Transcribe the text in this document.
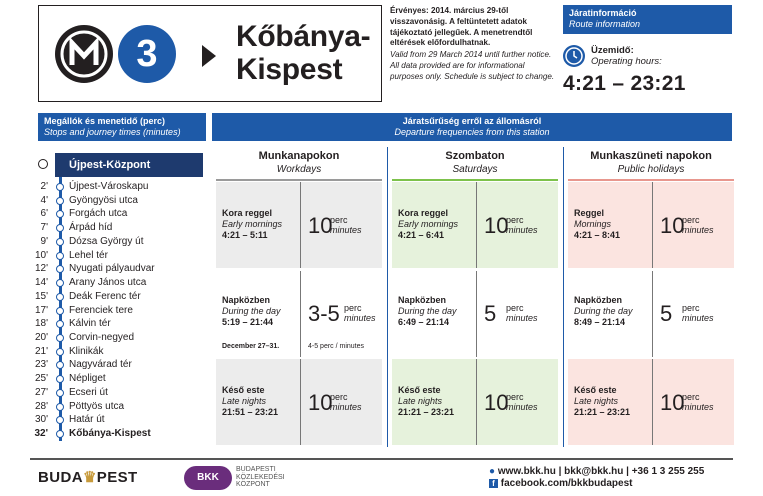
3	Kőbánya-
Kispest
Érvényes: 2014. március 29-től visszavonásig. A feltüntetett adatok tájékoztató jellegűek. A menetrendtől eltérések előfordulhatnak.
Valid from 29 March 2014 until further notice. All data provided are for informational purposes only. Schedule is subject to change.
Járatinformáció
Route information
Üzemidő:
Operating hours:
4:21 – 23:21
Megállók és menetidő (perc)
Stops and journey times (minutes)
Járatsűrűség erről az állomásról
Departure frequencies from this station
Újpest-Központ
2' Újpest-Városkapu
4' Gyöngyösi utca
6' Forgách utca
7' Árpád híd
9' Dózsa György út
10' Lehel tér
12' Nyugati pályaudvar
14' Arany János utca
15' Deák Ferenc tér
17' Ferenciek tere
18' Kálvin tér
20' Corvin-negyed
21' Klinikák
23' Nagyvárad tér
25' Népliget
27' Ecseri út
28' Pöttyös utca
30' Határ út
32' Kőbánya-Kispest
Munkanapokon
Workdays
Kora reggel
Early mornings
4:21 – 5:11	10
perc
minutes
Napközben
During the day
5:19 – 21:44	3-5 perc
minutes
December 27–31.	4-5 perc / minutes
Késő este
Late nights
21:51 – 23:21 10
perc
minutes
Szombaton
Saturdays
Kora reggel
Early mornings
4:21 – 6:41	10
perc
minutes
Napközben
During the day
6:49 – 21:14	5 perc
minutes
Késő este
Late nights
21:21 – 23:21 10
perc
minutes
Munkaszüneti napokon
Public holidays
Reggel
Mornings
4:21 – 8:41 10
perc
minutes
Napközben
During the day
8:49 – 21:14	5 perc
minutes
Késő este
Late nights
21:21 – 23:21 10
perc
minutes
BUDA♛PEST	BKK
BUDAPESTI
KÖZLEKEDÉSI
KÖZPONT
● www.bkk.hu | bkk@bkk.hu | +36 1 3 255 255
f facebook.com/bkkbudapest
